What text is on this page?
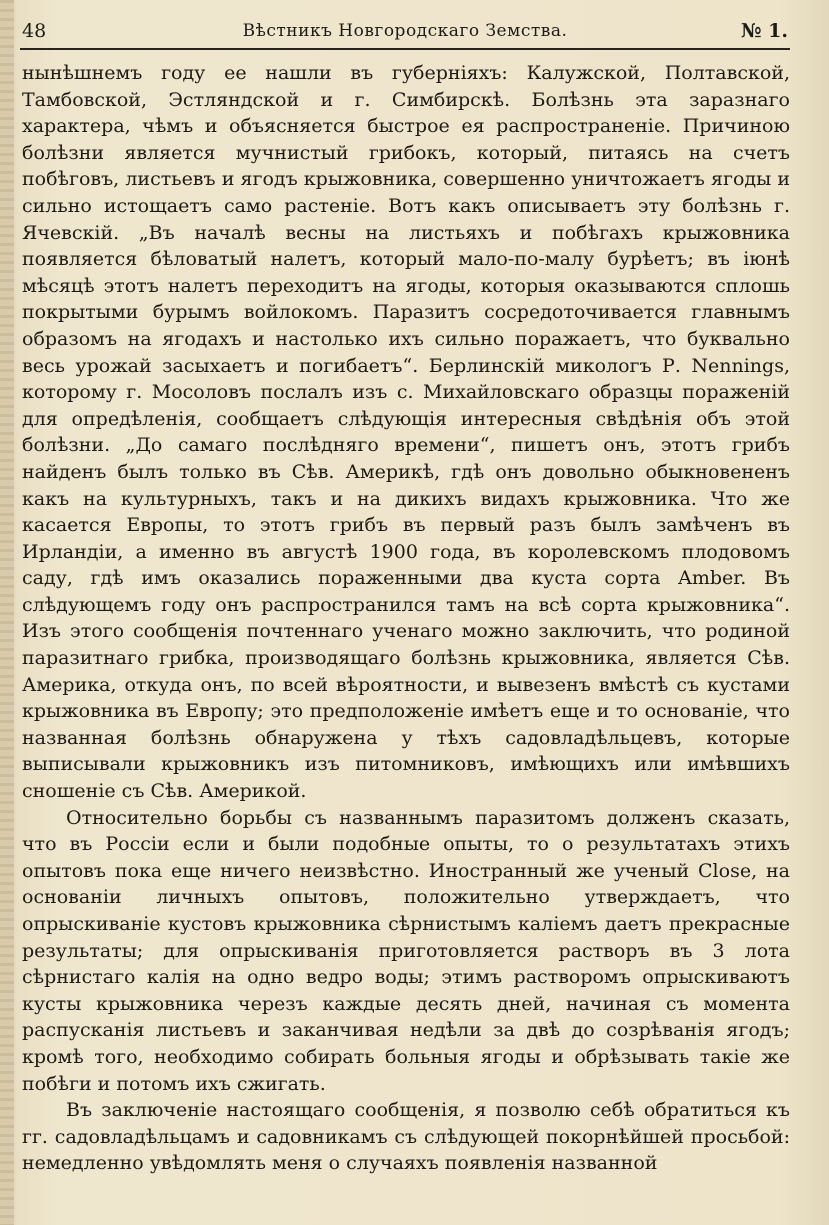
48	Вѣстникъ Новгородскаго Земства.	№ 1.

нынѣшнемъ году ее нашли въ губерніяхъ: Калужской, Полтавской, Тамбовской, Эстляндской и г. Симбирскѣ. Болѣзнь эта заразнаго характера, чѣмъ и объясняется быстрое ея распространеніе. Причиною болѣзни является мучнистый грибокъ, который, питаясь на счетъ побѣговъ, листьевъ и ягодъ крыжовника, совершенно уничтожаетъ ягоды и сильно истощаетъ само растеніе. Вотъ какъ описываетъ эту болѣзнь г. Ячевскій. „Въ началѣ весны на листьяхъ и побѣгахъ крыжовника появляется бѣловатый налетъ, который мало-по-малу бурѣетъ; въ іюнѣ мѣсяцѣ этотъ налетъ переходитъ на ягоды, которыя оказываются сплошь покрытыми бурымъ войлокомъ. Паразитъ сосредоточивается главнымъ образомъ на ягодахъ и настолько ихъ сильно поражаетъ, что буквально весь урожай засыхаетъ и погибаетъ“. Берлинскій микологъ Р. Nennings, которому г. Мосоловъ послалъ изъ с. Михайловскаго образцы пораженій для опредѣленія, сообщаетъ слѣдующія интересныя свѣдѣнія объ этой болѣзни. „До самаго послѣдняго времени“, пишетъ онъ, этотъ грибъ найденъ былъ только въ Сѣв. Америкѣ, гдѣ онъ довольно обыкновененъ какъ на культурныхъ, такъ и на дикихъ видахъ крыжовника. Что же касается Европы, то этотъ грибъ въ первый разъ былъ замѣченъ въ Ирландіи, а именно въ августѣ 1900 года, въ королевскомъ плодовомъ саду, гдѣ имъ оказались пораженными два куста сорта Amber. Въ слѣдующемъ году онъ распространился тамъ на всѣ сорта крыжовника“. Изъ этого сообщенія почтеннаго ученаго можно заключить, что родиной паразитнаго грибка, производящаго болѣзнь крыжовника, является Сѣв. Америка, откуда онъ, по всей вѣроятности, и вывезенъ вмѣстѣ съ кустами крыжовника въ Европу; это предположеніе имѣетъ еще и то основаніе, что названная болѣзнь обнаружена у тѣхъ садовладѣльцевъ, которые выписывали крыжовникъ изъ питомниковъ, имѣющихъ или имѣвшихъ сношеніе съ Сѣв. Америкой.

Относительно борьбы съ названнымъ паразитомъ долженъ сказать, что въ Россіи если и были подобные опыты, то о результатахъ этихъ опытовъ пока еще ничего неизвѣстно. Иностранный же ученый Close, на основаніи личныхъ опытовъ, положительно утверждаетъ, что опрыскиваніе кустовъ крыжовника сѣрнистымъ каліемъ даетъ прекрасные результаты; для опрыскиванія приготовляется растворъ въ 3 лота сѣрнистаго калія на одно ведро воды; этимъ растворомъ опрыскиваютъ кусты крыжовника черезъ каждые десять дней, начиная съ момента распусканія листьевъ и заканчивая недѣли за двѣ до созрѣванія ягодъ; кромѣ того, необходимо собирать больныя ягоды и обрѣзывать такіе же побѣги и потомъ ихъ сжигать.

Въ заключеніе настоящаго сообщенія, я позволю себѣ обратиться къ гг. садовладѣльцамъ и садовникамъ съ слѣдующей покорнѣйшей просьбой: немедленно увѣдомлять меня о случаяхъ появленія названной
